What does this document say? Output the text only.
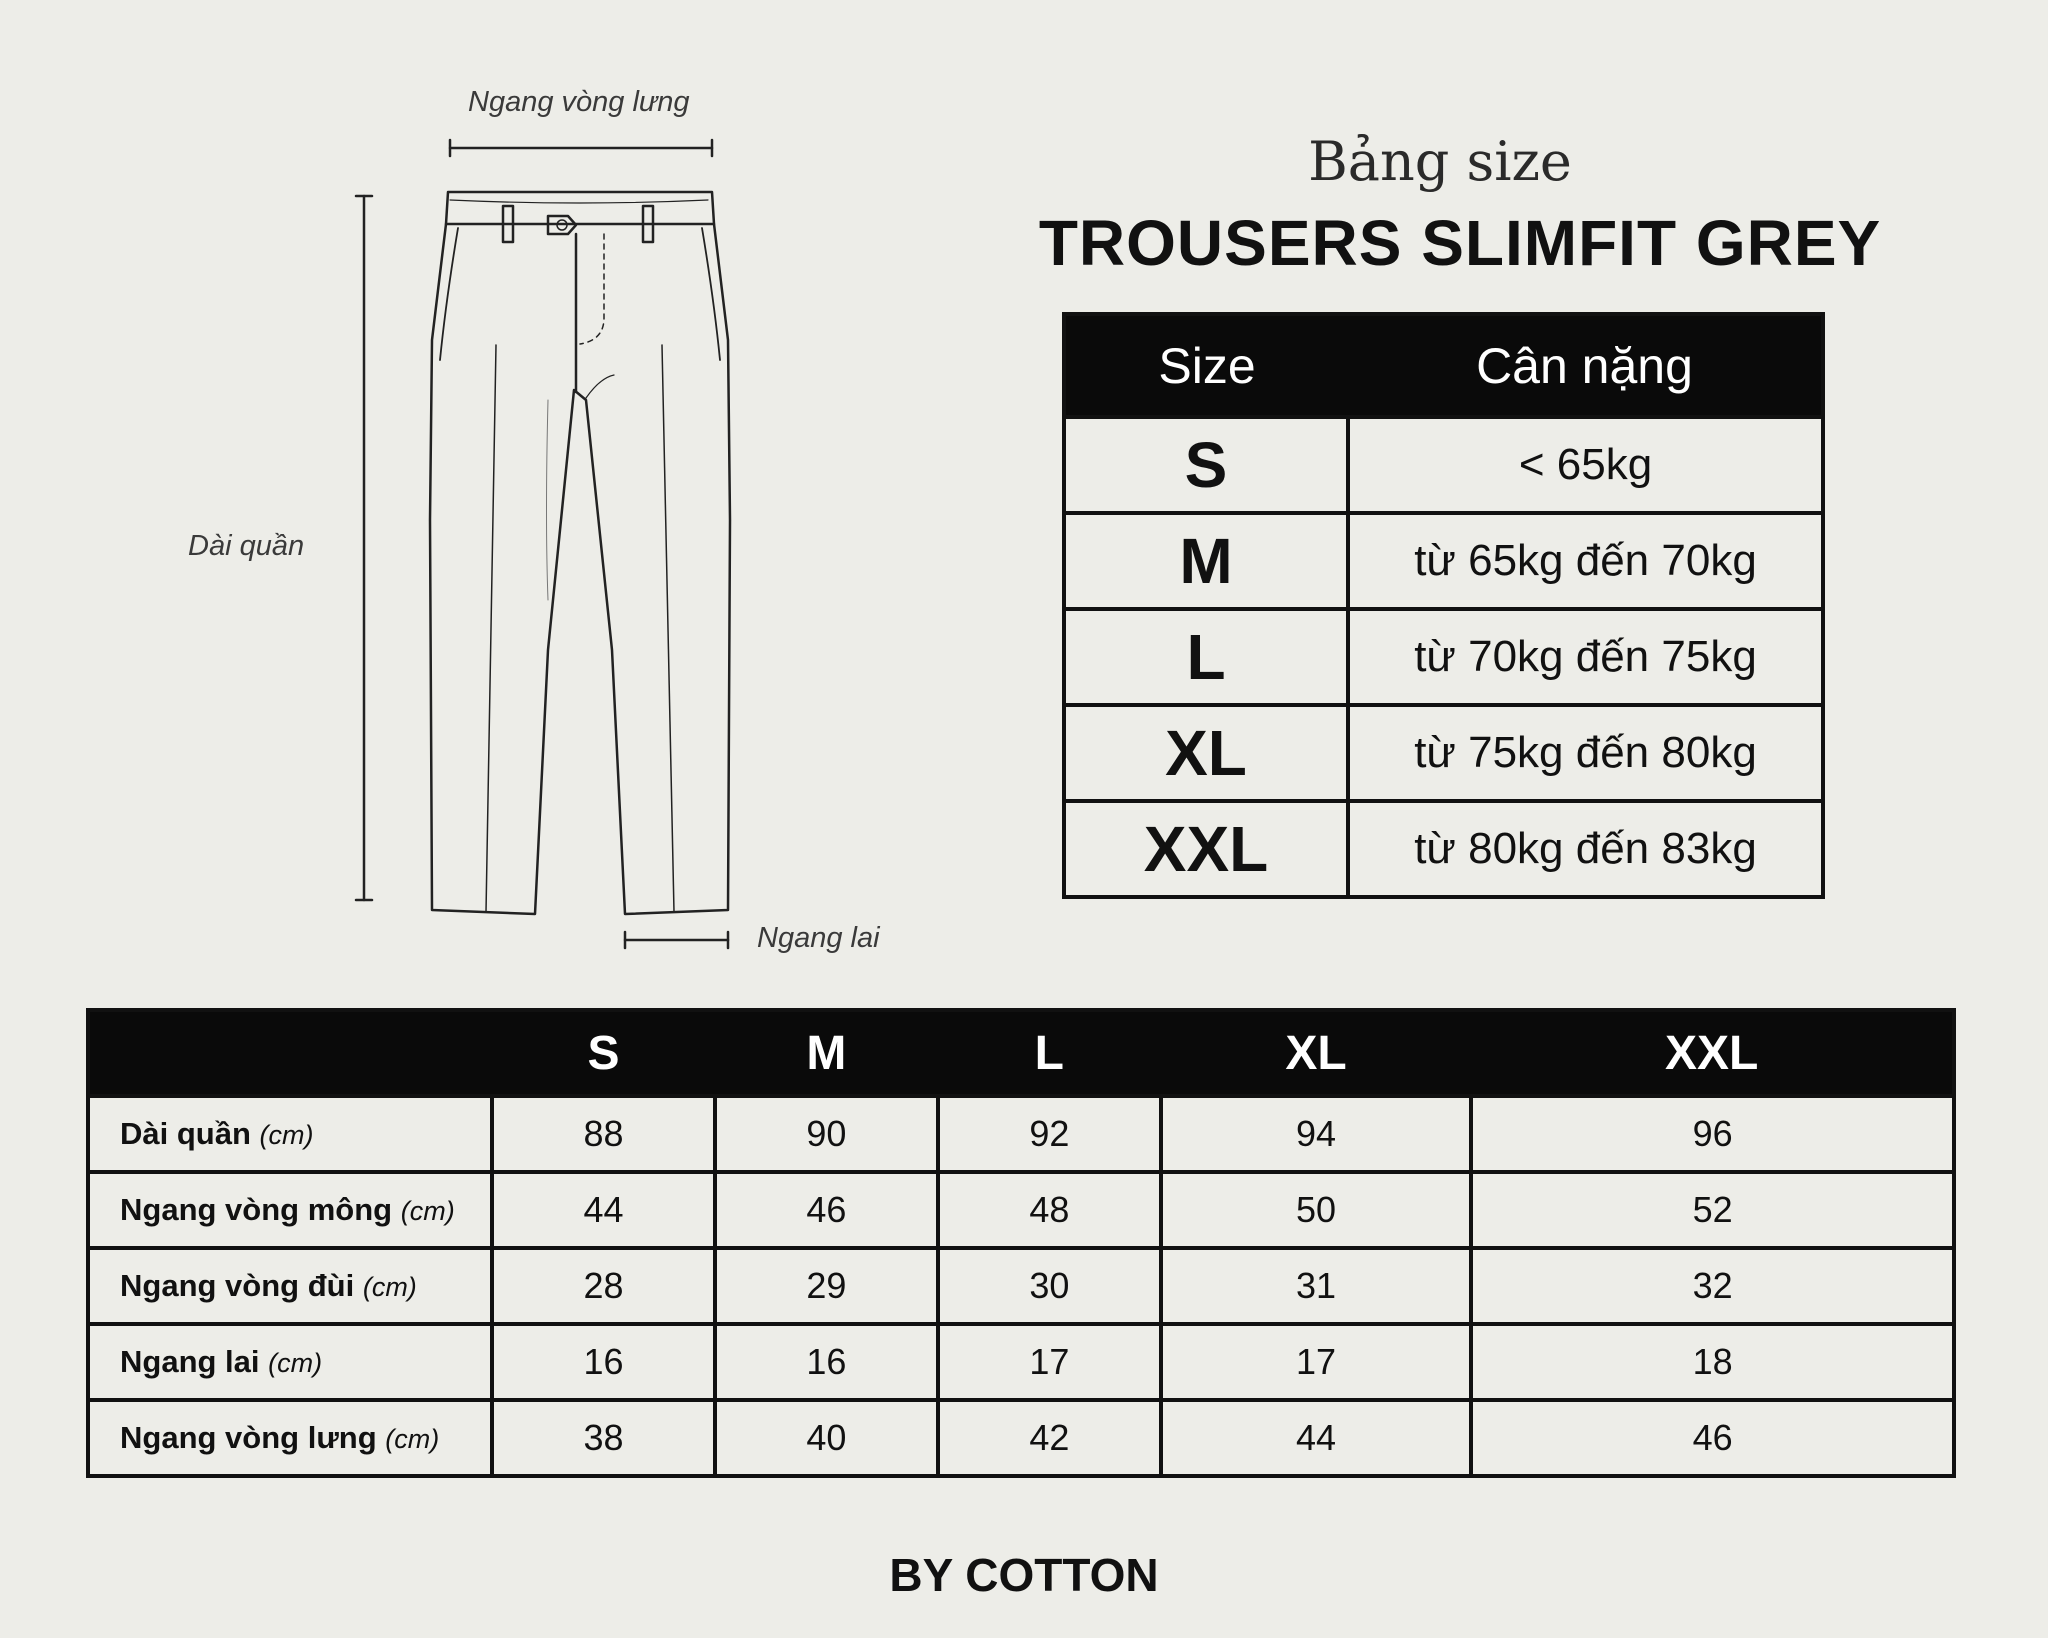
Ngang vòng lưng
Dài quần
Ngang lai
Bảng size
TROUSERS SLIMFIT GREY
Size	Cân nặng
S	< 65kg
M	từ 65kg đến 70kg
L	từ 70kg đến 75kg
XL	từ 75kg đến 80kg
XXL	từ 80kg đến 83kg
	S	M	L	XL	XXL
Dài quần (cm)	88	90	92	94	96
Ngang vòng mông (cm)	44	46	48	50	52
Ngang vòng đùi (cm)	28	29	30	31	32
Ngang lai (cm)	16	16	17	17	18
Ngang vòng lưng (cm)	38	40	42	44	46
BY COTTON
